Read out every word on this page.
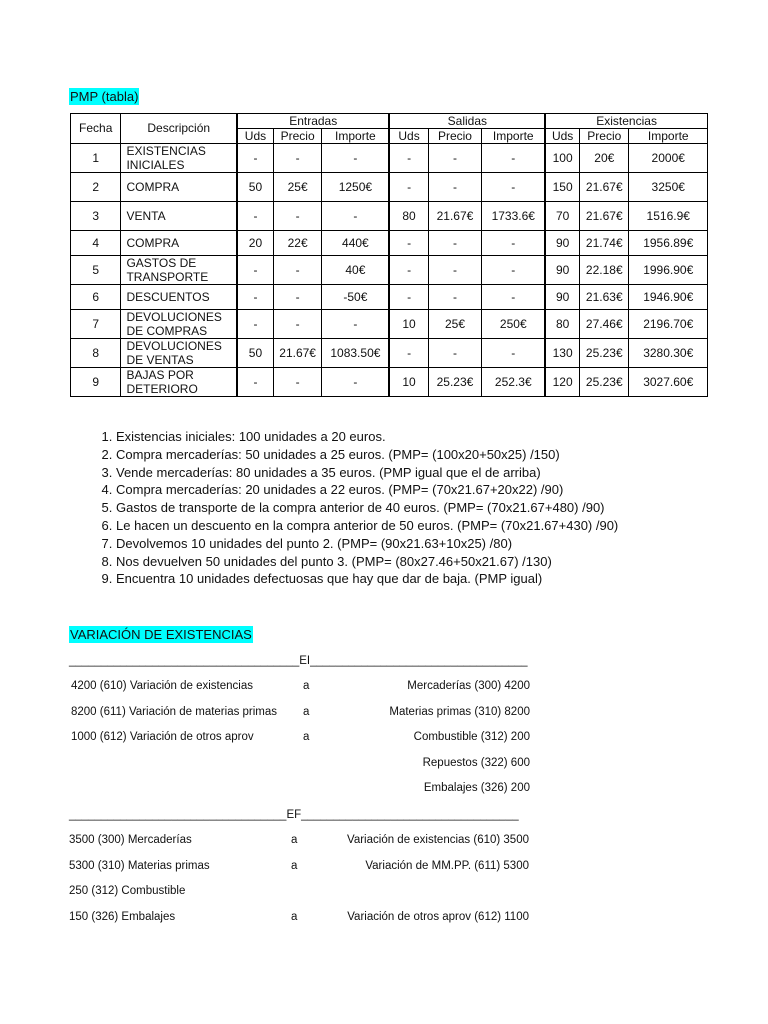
PMP (tabla)
Fecha	Descripción	Entradas			Salidas			Existencias		
		Uds	Precio	Importe	Uds	Precio	Importe	Uds	Precio	Importe
1	EXISTENCIAS INICIALES	-	-	-	-	-	-	100	20€	2000€
2	COMPRA	50	25€	1250€	-	-	-	150	21.67€	3250€
3	VENTA	-	-	-	80	21.67€	1733.6€	70	21.67€	1516.9€
4	COMPRA	20	22€	440€	-	-	-	90	21.74€	1956.89€
5	GASTOS DE TRANSPORTE	-	-	40€	-	-	-	90	22.18€	1996.90€
6	DESCUENTOS	-	-	-50€	-	-	-	90	21.63€	1946.90€
7	DEVOLUCIONES DE COMPRAS	-	-	-	10	25€	250€	80	27.46€	2196.70€
8	DEVOLUCIONES DE VENTAS	50	21.67€	1083.50€	-	-	-	130	25.23€	3280.30€
9	BAJAS POR DETERIORO	-	-	-	10	25.23€	252.3€	120	25.23€	3027.60€
1. Existencias iniciales: 100 unidades a 20 euros.
2. Compra mercaderías: 50 unidades a 25 euros. (PMP= (100x20+50x25) /150)
3. Vende mercaderías: 80 unidades a 35 euros. (PMP igual que el de arriba)
4. Compra mercaderías: 20 unidades a 22 euros. (PMP= (70x21.67+20x22) /90)
5. Gastos de transporte de la compra anterior de 40 euros. (PMP= (70x21.67+480) /90)
6. Le hacen un descuento en la compra anterior de 50 euros. (PMP= (70x21.67+430) /90)
7. Devolvemos 10 unidades del punto 2. (PMP= (90x21.63+10x25) /80)
8. Nos devuelven 50 unidades del punto 3. (PMP= (80x27.46+50x21.67) /130)
9. Encuentra 10 unidades defectuosas que hay que dar de baja. (PMP igual)
VARIACIÓN DE EXISTENCIAS
____________________________________EI__________________________________
4200 (610) Variación de existencias	a	Mercaderías (300) 4200
8200 (611) Variación de materias primas a	Materias primas (310) 8200
1000 (612) Variación de otros aprov	a	Combustible (312) 200
Repuestos (322) 600
Embalajes (326) 200
__________________________________EF__________________________________
3500 (300) Mercaderías	a	Variación de existencias (610) 3500
5300 (310) Materias primas	a	Variación de MM.PP. (611) 5300
250 (312) Combustible
150 (326) Embalajes	a	Variación de otros aprov (612) 1100
